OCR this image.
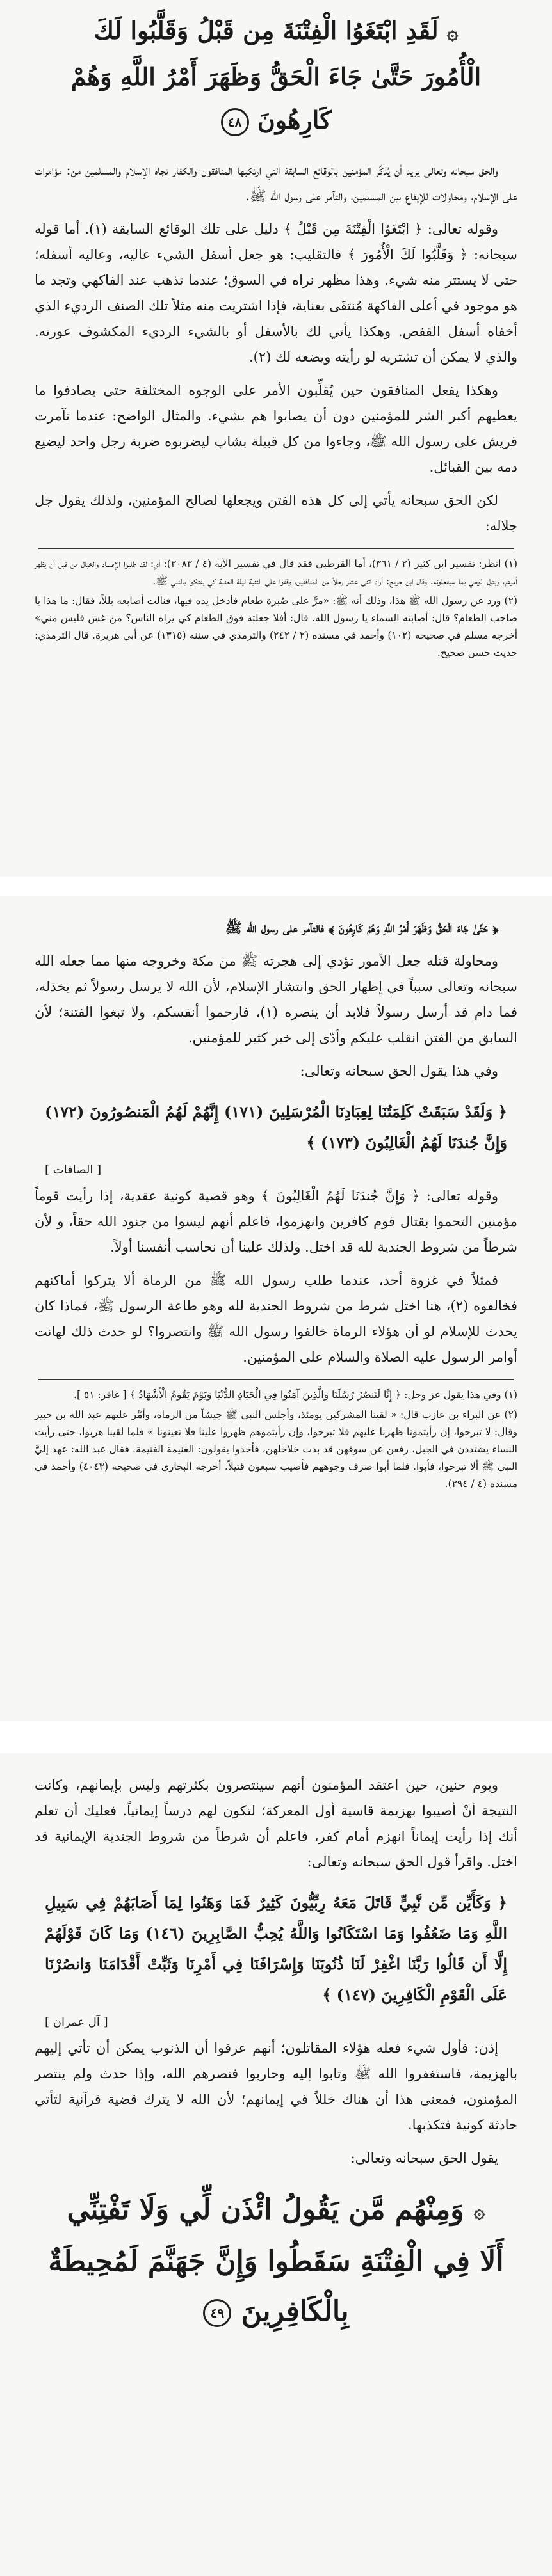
۞ لَقَدِ ابْتَغَوُا الْفِتْنَةَ مِن قَبْلُ وَقَلَّبُوا لَكَ
الْأُمُورَ حَتَّىٰ جَاءَ الْحَقُّ وَظَهَرَ أَمْرُ اللَّهِ وَهُمْ
كَارِهُونَ ٤٨

والحق سبحانه وتعالى يريد أن يُذكِّر المؤمنين بالوقائع السابقة التي ارتكبها المنافقون والكفار تجاه الإسلام والمسلمين من: مؤامرات على الإسلام، ومحاولات للإيقاع بين المسلمين، والتآمر على رسول الله ﷺ.

وقوله تعالى: ﴿ ابْتَغَوُا الْفِتْنَةَ مِن قَبْلُ ﴾ دليل على تلك الوقائع السابقة (١). أما قوله سبحانه: ﴿ وَقَلَّبُوا لَكَ الْأُمُورَ ﴾ فالتقليب: هو جعل أسفل الشيء عاليه، وعاليه أسفله؛ حتى لا يستتر منه شيء. وهذا مظهر نراه في السوق؛ عندما تذهب عند الفاكهي وتجد ما هو موجود في أعلى الفاكهة مُنتقَى بعناية، فإذا اشتريت منه مثلاً تلك الصنف الرديء الذي أخفاه أسفل القفص. وهكذا يأتي لك بالأسفل أو بالشيء الرديء المكشوف عورته. والذي لا يمكن أن تشتريه لو رأيته ويضعه لك (٢).

وهكذا يفعل المنافقون حين يُقلِّبون الأمر على الوجوه المختلفة حتى يصادفوا ما يعطيهم أكبر الشر للمؤمنين دون أن يصابوا هم بشيء. والمثال الواضح: عندما تآمرت قريش على رسول الله ﷺ، وجاءوا من كل قبيلة بشاب ليضربوه ضربة رجل واحد ليضيع دمه بين القبائل.

لكن الحق سبحانه يأتي إلى كل هذه الفتن ويجعلها لصالح المؤمنين، ولذلك يقول جل جلاله:

(١) انظر: تفسير ابن كثير (٢ / ٣٦١)، أما القرطبي فقد قال في تفسير الآية (٤ / ٣٠٨٣): أي: لقد طلبوا الإفساد والخبال من قبل أن يظهر أمرهم، ويترل الوحي بما سيفعلونه. وقال ابن جريج: أراد اثنى عشر رجلاً من المنافقين، وقفوا على الثنية ليلة العقبة كي يفتكوا بالنبي ﷺ.

(٢) ورد عن رسول الله ﷺ هذا، وذلك أنه ﷺ: «مرَّ على صُبرة طعام فأدخل يده فيها، فنالت أصابعه بللاً، فقال: ما هذا يا صاحب الطعام؟ قال: أصابته السماء يا رسول الله. قال: أفلا جعلته فوق الطعام كي يراه الناس؟ من غش فليس مني» أخرجه مسلم في صحيحه (١٠٢) وأحمد في مسنده (٢ / ٢٤٢) والترمذي في سننه (١٣١٥) عن أبي هريرة. قال الترمذي: حديث حسن صحيح.

﴿ حَتَّىٰ جَاءَ الْحَقُّ وَظَهَرَ أَمْرُ اللَّهِ وَهُمْ كَارِهُونَ ﴾ فالتآمر على رسول الله ﷺ

ومحاولة قتله جعل الأمور تؤدي إلى هجرته ﷺ من مكة وخروجه منها مما جعله الله سبحانه وتعالى سبباً في إظهار الحق وانتشار الإسلام، لأن الله لا يرسل رسولاً ثم يخذله، فما دام قد أرسل رسولاً فلابد أن ينصره (١)، فارحموا أنفسكم، ولا تبغوا الفتنة؛ لأن السابق من الفتن انقلب عليكم وأدّى إلى خير كثير للمؤمنين.

وفي هذا يقول الحق سبحانه وتعالى:

﴿ وَلَقَدْ سَبَقَتْ كَلِمَتُنَا لِعِبَادِنَا الْمُرْسَلِينَ (١٧١) إِنَّهُمْ لَهُمُ الْمَنصُورُونَ (١٧٢) وَإِنَّ جُندَنَا لَهُمُ الْغَالِبُونَ (١٧٣) ﴾
[ الصافات ]

وقوله تعالى: ﴿ وَإِنَّ جُندَنَا لَهُمُ الْغَالِبُونَ ﴾ وهو قضية كونية عقدية، إذا رأيت قوماً مؤمنين التحموا بقتال قوم كافرين وانهزموا، فاعلم أنهم ليسوا من جنود الله حقاً، و لأن شرطاً من شروط الجندية لله قد اختل. ولذلك علينا أن نحاسب أنفسنا أولاً.

فمثلاً في غزوة أحد، عندما طلب رسول الله ﷺ من الرماة ألا يتركوا أماكنهم فخالفوه (٢)، هنا اختل شرط من شروط الجندية لله وهو طاعة الرسول ﷺ، فماذا كان يحدث للإسلام لو أن هؤلاء الرماة خالفوا رسول الله ﷺ وانتصروا؟ لو حدث ذلك لهانت أوامر الرسول عليه الصلاة والسلام على المؤمنين.

(١) وفي هذا يقول عز وجل: ﴿ إِنَّا لَنَنصُرُ رُسُلَنَا وَالَّذِينَ آمَنُوا فِي الْحَيَاةِ الدُّنْيَا وَيَوْمَ يَقُومُ الْأَشْهَادُ ﴾ [ غافر: ٥١ ].

(٢) عن البراء بن عازب قال: « لقينا المشركين يومئذ، وأجلس النبي ﷺ جيشاً من الرماة، وأمَّر عليهم عبد الله بن جبير وقال: لا تبرحوا، إن رأيتمونا ظهرنا عليهم فلا تبرحوا، وإن رأيتموهم ظهروا علينا فلا تعينونا » فلما لقينا هربوا، حتى رأيت النساء يشتددن في الجبل، رفعن عن سوقهن قد بدت خلاخلهن، فأخذوا يقولون: الغنيمة الغنيمة. فقال عبد الله: عهد إليَّ النبي ﷺ ألا تبرحوا، فأبوا. فلما أبوا صرف وجوههم فأصيب سبعون قتيلاً. أخرجه البخاري في صحيحه (٤٠٤٣) وأحمد في مسنده (٤ / ٢٩٤).

ويوم حنين، حين اعتقد المؤمنون أنهم سينتصرون بكثرتهم وليس بإيمانهم، وكانت النتيجة أنْ أصيبوا بهزيمة قاسية أول المعركة؛ لتكون لهم درساً إيمانياً. فعليك أن تعلم أنك إذا رأيت إيماناً انهزم أمام كفر، فاعلم أن شرطاً من شروط الجندية الإيمانية قد اختل. واقرأ قول الحق سبحانه وتعالى:

﴿ وَكَأَيِّن مِّن نَّبِيٍّ قَاتَلَ مَعَهُ رِبِّيُّونَ كَثِيرٌ فَمَا وَهَنُوا لِمَا أَصَابَهُمْ فِي سَبِيلِ اللَّهِ وَمَا ضَعُفُوا وَمَا اسْتَكَانُوا وَاللَّهُ يُحِبُّ الصَّابِرِينَ (١٤٦) وَمَا كَانَ قَوْلَهُمْ إِلَّا أَن قَالُوا رَبَّنَا اغْفِرْ لَنَا ذُنُوبَنَا وَإِسْرَافَنَا فِي أَمْرِنَا وَثَبِّتْ أَقْدَامَنَا وَانصُرْنَا عَلَى الْقَوْمِ الْكَافِرِينَ (١٤٧) ﴾
[ آل عمران ]

إذن: فأول شيء فعله هؤلاء المقاتلون؛ أنهم عرفوا أن الذنوب يمكن أن تأتي إليهم بالهزيمة، فاستغفروا الله ﷺ وتابوا إليه وحاربوا فنصرهم الله، وإذا حدث ولم ينتصر المؤمنون، فمعنى هذا أن هناك خللاً في إيمانهم؛ لأن الله لا يترك قضية قرآنية لتأتي حادثة كونية فتكذبها.

يقول الحق سبحانه وتعالى:

۞ وَمِنْهُم مَّن يَقُولُ ائْذَن لِّي وَلَا تَفْتِنِّي
أَلَا فِي الْفِتْنَةِ سَقَطُوا وَإِنَّ جَهَنَّمَ لَمُحِيطَةٌ
بِالْكَافِرِينَ ٤٩
